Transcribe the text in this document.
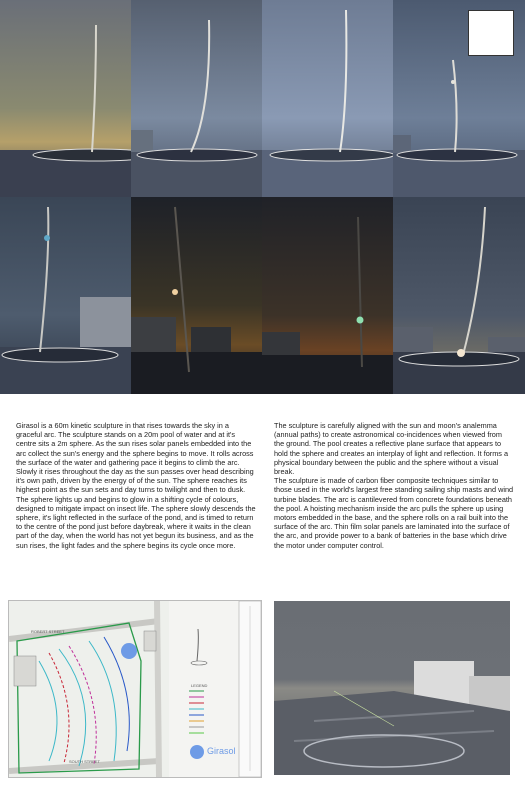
Girasol is a 60m kinetic sculpture in that rises towards the sky in a graceful arc. The sculpture stands on a 20m pool of water and at it's centre sits a 2m sphere. As the sun rises solar panels embedded into the arc collect the sun's energy and the sphere begins to move. It rolls across the surface of the water and gathering pace it begins to climb the arc. Slowly it rises throughout the day as the sun passes over head describing it's own path, driven by the energy of of the sun. The sphere reaches its highest point as the sun sets and day turns to twilight and then to dusk. The sphere lights up and begins to glow in a shifting cycle of colours, designed to mitigate impact on insect life. The sphere slowly descends the sphere, it's light reflected in the surface of the pond, and is timed to return to the centre of the pond just before daybreak, where it waits in the clean part of the day, when the world has not yet begun its business, and as the sun rises, the light fades and the sphere begins its cycle once more.

The sculpture is carefully aligned with the sun and moon's analemma (annual paths) to create astronomical co-incidences when viewed from the ground. The pool creates a reflective plane surface that appears to hold the sphere and creates an interplay of light and reflection. It forms a physical boundary between the public and the sphere without a visual break.

The sculpture is made of carbon fiber composite techniques similar to those used in the world's largest free standing sailing ship masts and wind turbine blades. The arc is cantilevered from concrete foundations beneath the pool. A hoisting mechanism inside the arc pulls the sphere up using motors embedded in the base, and the sphere rolls on a rail built into the surface of the arc. Thin film solar panels are laminated into the surface of the arc, and provide power to a bank of batteries in the base which drive the motor under computer control.

ROBERT STREET
SOUTH STREET
LEGEND
Girasol
